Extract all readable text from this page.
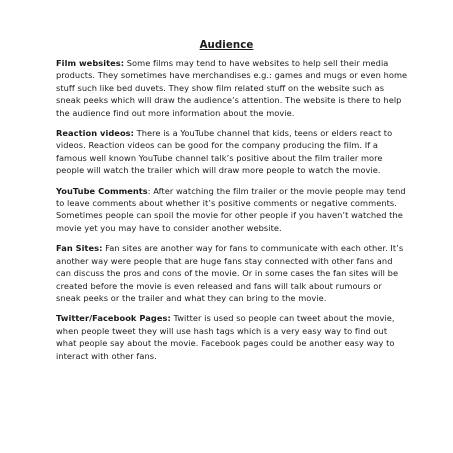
Audience

Film websites: Some films may tend to have websites to help sell their media products. They sometimes have merchandises e.g.: games and mugs or even home stuff such like bed duvets. They show film related stuff on the website such as sneak peeks which will draw the audience’s attention. The website is there to help the audience find out more information about the movie.

Reaction videos: There is a YouTube channel that kids, teens or elders react to videos. Reaction videos can be good for the company producing the film. If a famous well known YouTube channel talk’s positive about the film trailer more people will watch the trailer which will draw more people to watch the movie.

YouTube Comments: After watching the film trailer or the movie people may tend to leave comments about whether it’s positive comments or negative comments. Sometimes people can spoil the movie for other people if you haven’t watched the movie yet you may have to consider another website.

Fan Sites: Fan sites are another way for fans to communicate with each other. It’s another way were people that are huge fans stay connected with other fans and can discuss the pros and cons of the movie. Or in some cases the fan sites will be created before the movie is even released and fans will talk about rumours or sneak peeks or the trailer and what they can bring to the movie.

Twitter/Facebook Pages: Twitter is used so people can tweet about the movie, when people tweet they will use hash tags which is a very easy way to find out what people say about the movie. Facebook pages could be another easy way to interact with other fans.
